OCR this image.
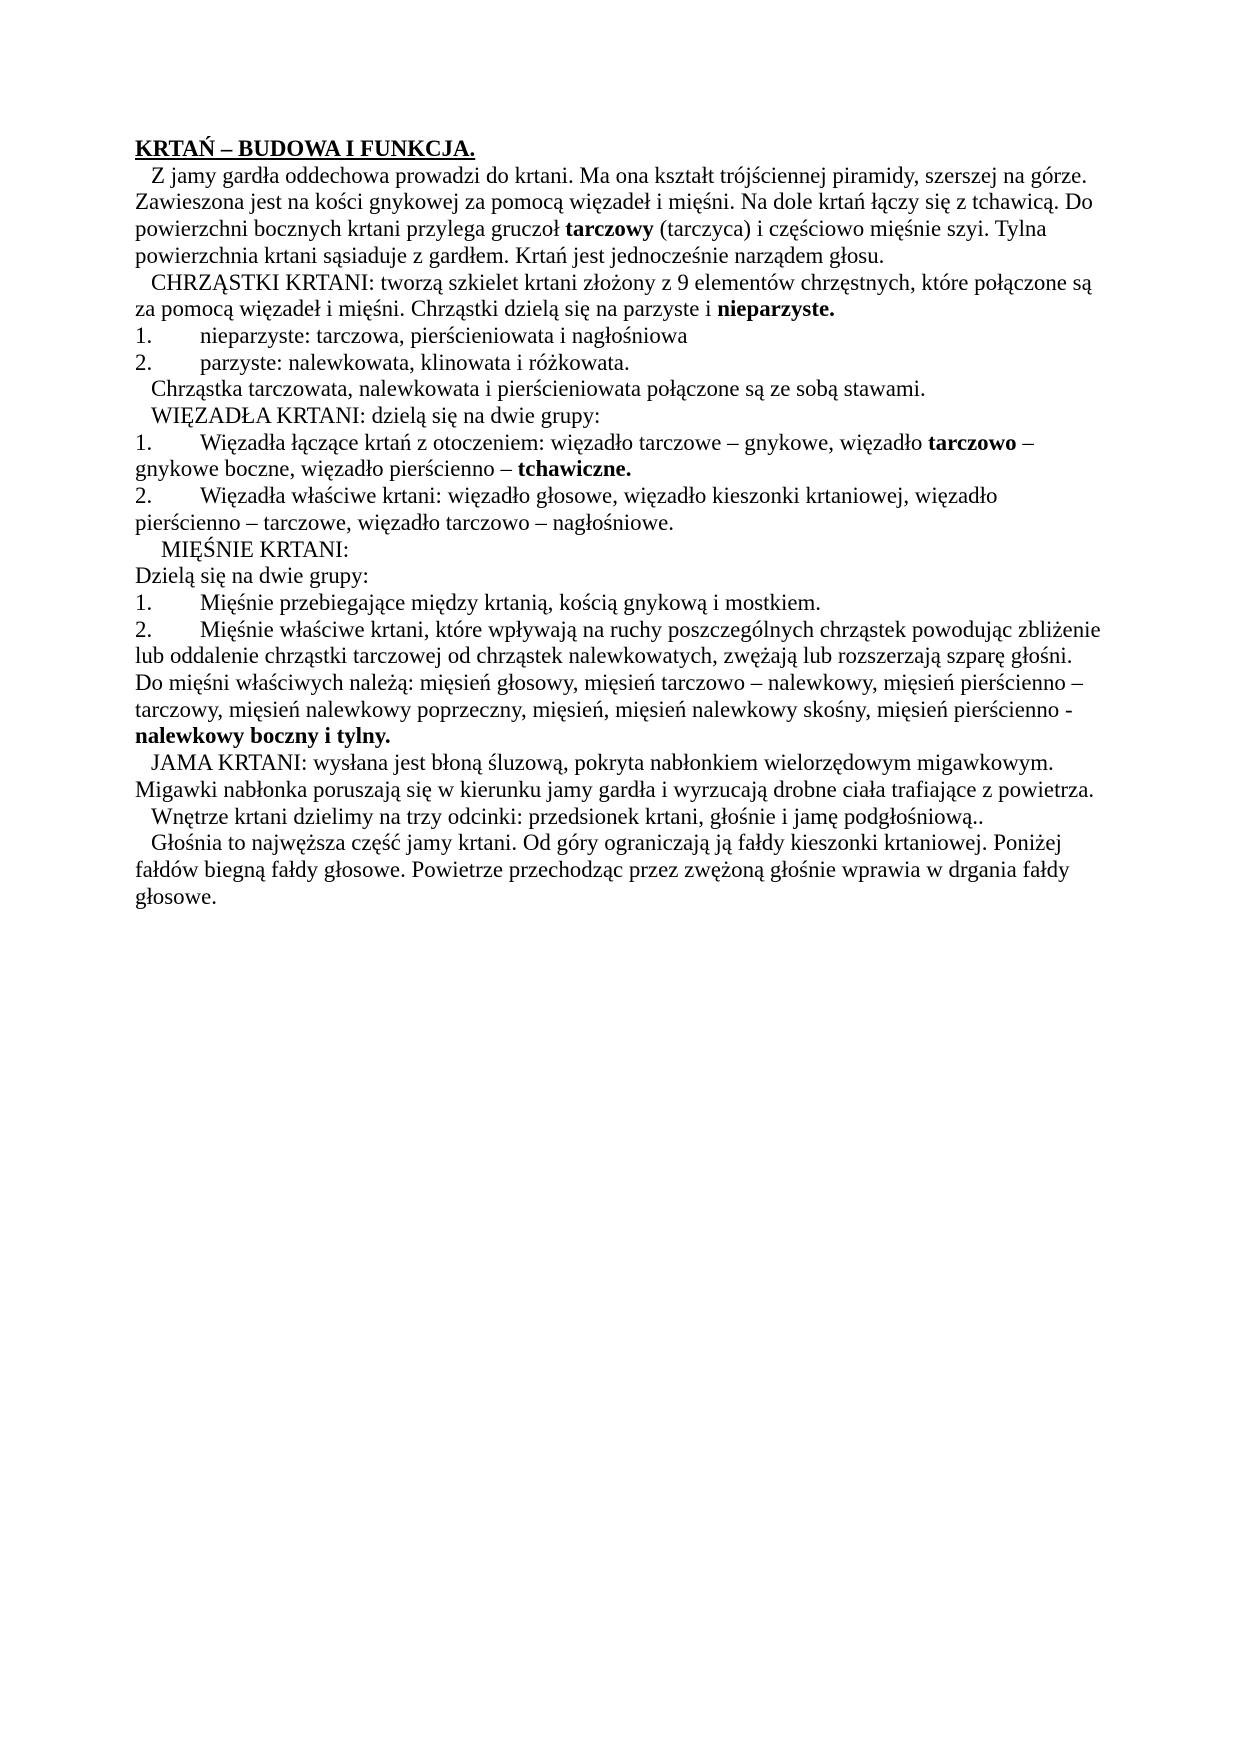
KRTAŃ – BUDOWA I FUNKCJA.

Z jamy gardła oddechowa prowadzi do krtani. Ma ona kształt trójściennej piramidy, szerszej na górze. Zawieszona jest na kości gnykowej za pomocą więzadeł i mięśni. Na dole krtań łączy się z tchawicą. Do powierzchni bocznych krtani przylega gruczoł tarczowy (tarczyca) i częściowo mięśnie szyi. Tylna powierzchnia krtani sąsiaduje z gardłem. Krtań jest jednocześnie narządem głosu.

CHRZĄSTKI KRTANI: tworzą szkielet krtani złożony z 9 elementów chrzęstnych, które połączone są za pomocą więzadeł i mięśni. Chrząstki dzielą się na parzyste i nieparzyste.

1. nieparzyste: tarczowa, pierścieniowata i nagłośniowa

2. parzyste: nalewkowata, klinowata i różkowata.

Chrząstka tarczowata, nalewkowata i pierścieniowata połączone są ze sobą stawami.

WIĘZADŁA KRTANI: dzielą się na dwie grupy:

1. Więzadła łączące krtań z otoczeniem: więzadło tarczowe – gnykowe, więzadło tarczowo – gnykowe boczne, więzadło pierścienno – tchawiczne.

2. Więzadła właściwe krtani: więzadło głosowe, więzadło kieszonki krtaniowej, więzadło pierścienno – tarczowe, więzadło tarczowo – nagłośniowe.

MIĘŚNIE KRTANI:

Dzielą się na dwie grupy:

1. Mięśnie przebiegające między krtanią, kością gnykową i mostkiem.

2. Mięśnie właściwe krtani, które wpływają na ruchy poszczególnych chrząstek powodując zbliżenie lub oddalenie chrząstki tarczowej od chrząstek nalewkowatych, zwężają lub rozszerzają szparę głośni. Do mięśni właściwych należą: mięsień głosowy, mięsień tarczowo – nalewkowy, mięsień pierścienno – tarczowy, mięsień nalewkowy poprzeczny, mięsień, mięsień nalewkowy skośny, mięsień pierścienno - nalewkowy boczny i tylny.

JAMA KRTANI: wysłana jest błoną śluzową, pokryta nabłonkiem wielorzędowym migawkowym. Migawki nabłonka poruszają się w kierunku jamy gardła i wyrzucają drobne ciała trafiające z powietrza.

Wnętrze krtani dzielimy na trzy odcinki: przedsionek krtani, głośnie i jamę podgłośniową..

Głośnia to najwęższa część jamy krtani. Od góry ograniczają ją fałdy kieszonki krtaniowej. Poniżej fałdów biegną fałdy głosowe. Powietrze przechodząc przez zwężoną głośnie wprawia w drgania fałdy głosowe.
